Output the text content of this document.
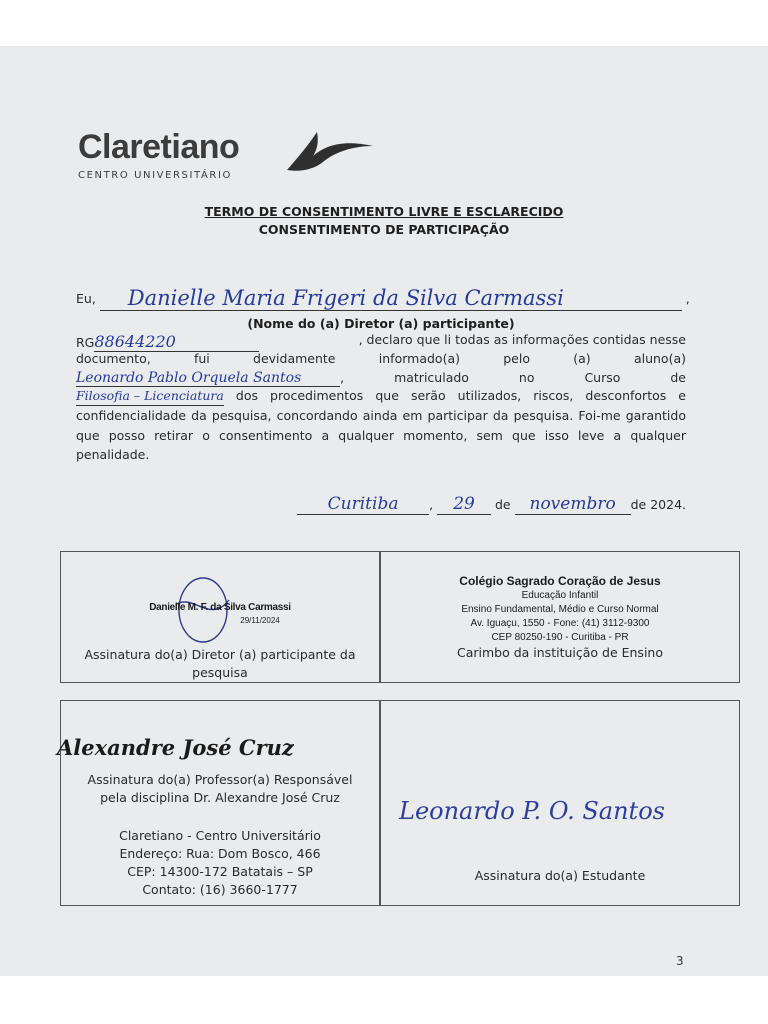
Claretiano
CENTRO UNIVERSITÁRIO
TERMO DE CONSENTIMENTO LIVRE E ESCLARECIDO
CONSENTIMENTO DE PARTICIPAÇÃO
Eu, Danielle Maria Frigeri da Silva Carmassi	,
(Nome do (a) Diretor (a) participante)
RG88644220	, declaro que li todas as informações contidas nesse
documento,	fui	devidamente	informado(a)	pelo	(a)	aluno(a)
Leonardo Pablo Orquela Santos	, matriculado no Curso de
Filosofia – Licenciatura dos procedimentos que serão utilizados, riscos, desconfortos e confidencialidade da pesquisa, concordando ainda em participar da pesquisa. Foi-me garantido que posso retirar o consentimento a qualquer momento, sem que isso leve a qualquer penalidade.
Curitiba , 29 de novembro de 2024.
Danielle M. F. da Silva Carmassi
29/11/2024
Assinatura do(a) Diretor (a) participante da pesquisa
Colégio Sagrado Coração de Jesus
Educação Infantil
Ensino Fundamental, Médio e Curso Normal
Av. Iguaçu, 1550 - Fone: (41) 3112-9300
CEP 80250-190 - Curitiba - PR
Carimbo da instituição de Ensino
Alexandre José Cruz
Assinatura do(a) Professor(a) Responsável
pela disciplina Dr. Alexandre José Cruz
Claretiano - Centro Universitário
Endereço: Rua: Dom Bosco, 466
CEP: 14300-172 Batatais – SP
Contato: (16) 3660-1777
Leonardo P. O. Santos
Assinatura do(a) Estudante
3
